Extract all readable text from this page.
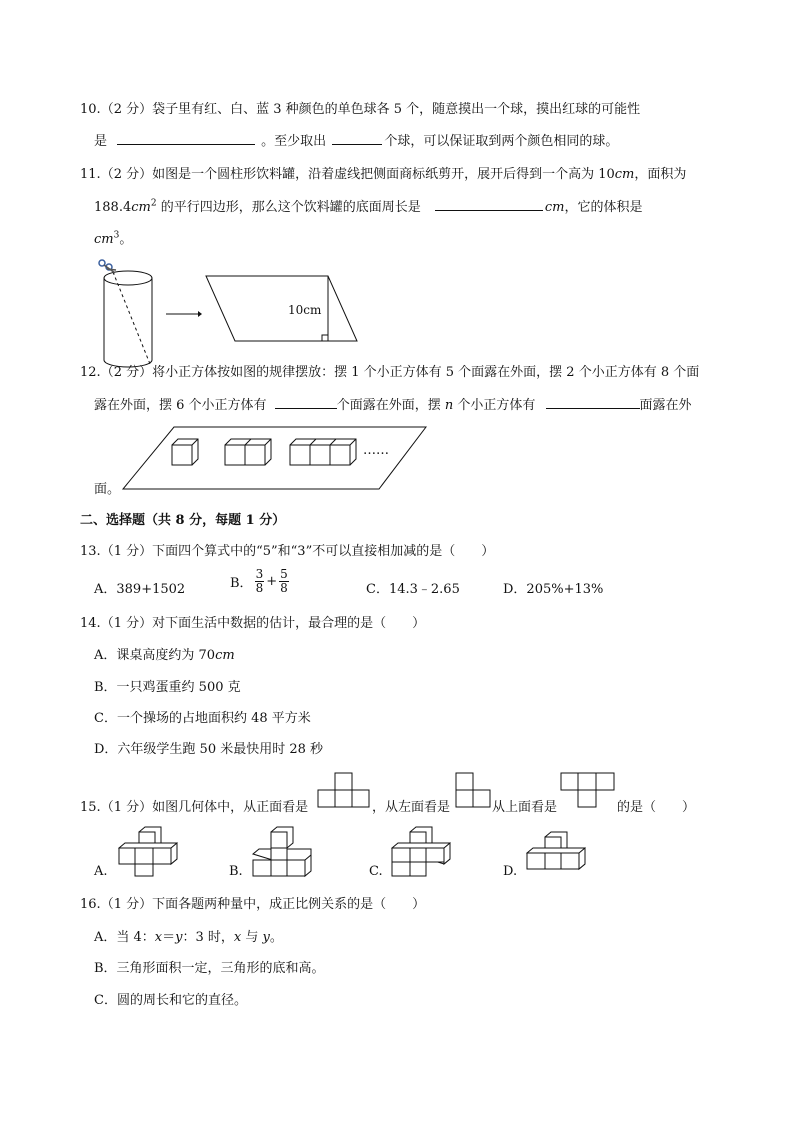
10.（2 分）袋子里有红、白、蓝 3 种颜色的单色球各 5 个，随意摸出一个球，摸出红球的可能性
是	。至少取出	个球，可以保证取到两个颜色相同的球。
11.（2 分）如图是一个圆柱形饮料罐，沿着虚线把侧面商标纸剪开，展开后得到一个高为 10cm，面积为
$188.4cm^2$ 的平行四边形，那么这个饮料罐的底面周长是	cm，它的体积是
$cm^3$。
10cm
12.（2 分）将小正方体按如图的规律摆放：摆 1 个小正方体有 5 个面露在外面，摆 2 个小正方体有 8 个面
露在外面，摆 6 个小正方体有	个面露在外面，摆 n 个小正方体有	面露在外
……
面。
二、选择题（共 8 分，每题 1 分）
13.（1 分）下面四个算式中的“5”和“3”不可以直接相加减的是（　　）
A．389+1502	B． $\frac{3}{8} + \frac{5}{8}$	C．14.3﹣2.65	D．205%+13%
14.（1 分）对下面生活中数据的估计，最合理的是（　　）
A．课桌高度约为 70cm
B．一只鸡蛋重约 500 克
C．一个操场的占地面积约 48 平方米
D．六年级学生跑 50 米最快用时 28 秒
15.（1 分）如图几何体中，从正面看是	，从左面看是	从上面看是	的是（　　）
A.	B.	C.	D.
16.（1 分）下面各题两种量中，成正比例关系的是（　　）
A．当 4：x＝y：3 时，x 与 y。
B．三角形面积一定，三角形的底和高。
C．圆的周长和它的直径。
